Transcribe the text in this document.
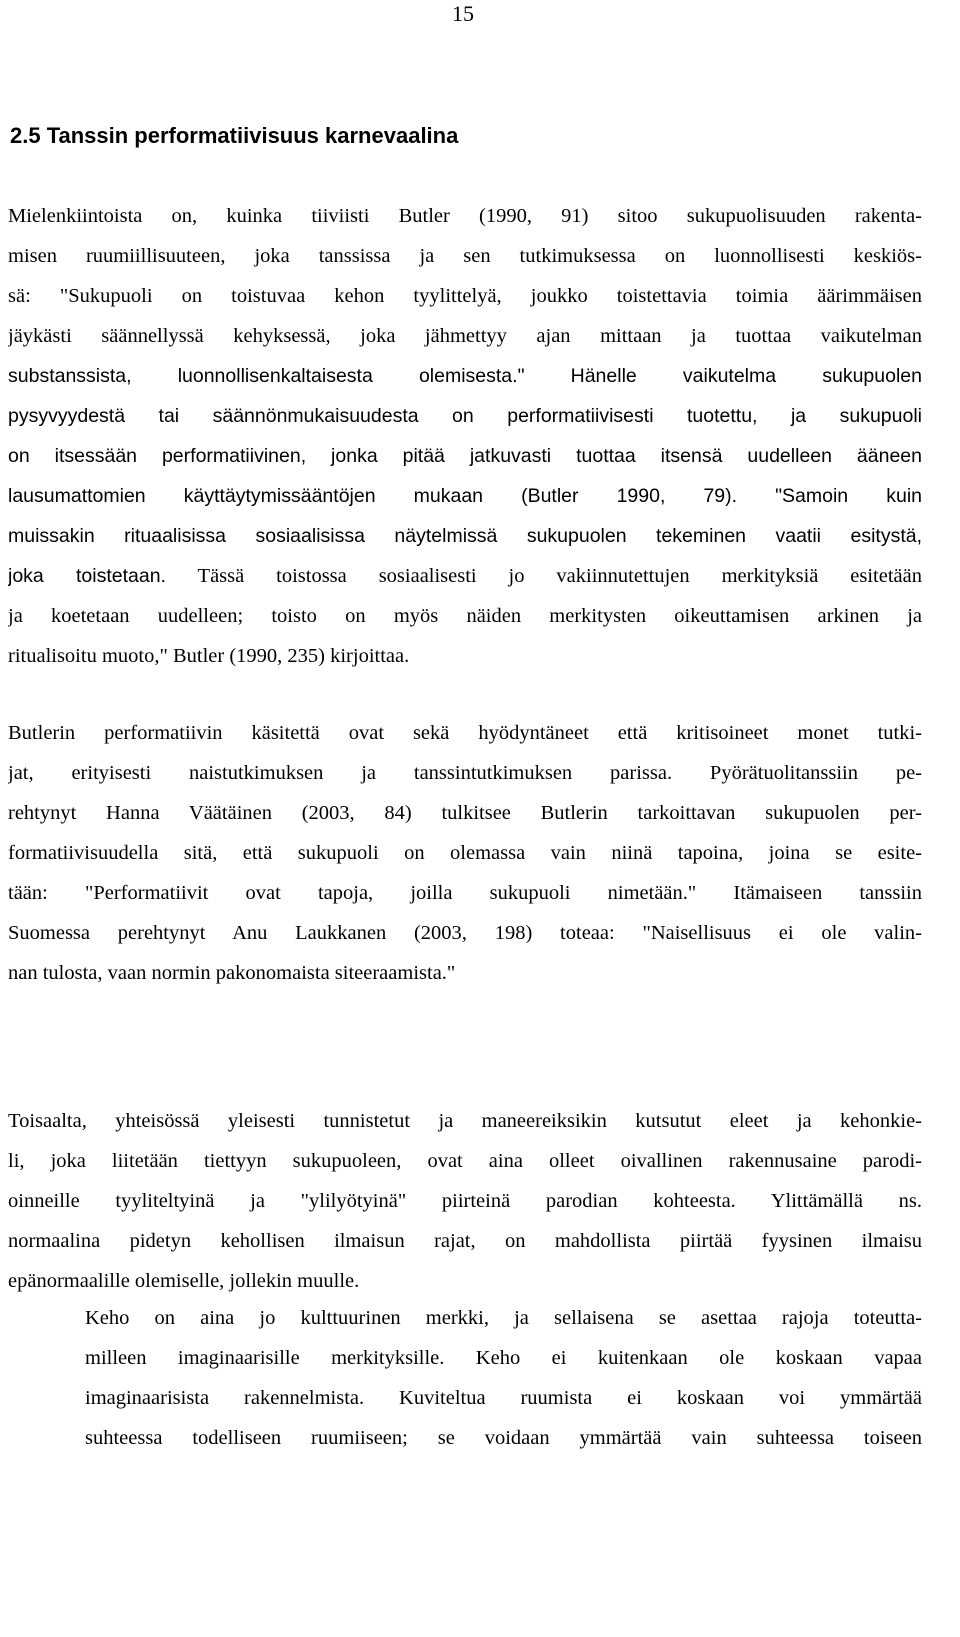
15
2.5 Tanssin performatiivisuus karnevaalina
Mielenkiintoista on, kuinka tiiviisti Butler (1990, 91) sitoo sukupuolisuuden rakenta-
misen ruumiillisuuteen, joka tanssissa ja sen tutkimuksessa on luonnollisesti keskiös-
sä: "Sukupuoli on toistuvaa kehon tyylittelyä, joukko toistettavia toimia äärimmäisen
jäykästi säännellyssä kehyksessä, joka jähmettyy ajan mittaan ja tuottaa vaikutelman
substanssista, luonnollisenkaltaisesta olemisesta." Hänelle vaikutelma sukupuolen
pysyvyydestä tai säännönmukaisuudesta on performatiivisesti tuotettu, ja sukupuoli
on itsessään performatiivinen, jonka pitää jatkuvasti tuottaa itsensä uudelleen ääneen
lausumattomien käyttäytymissääntöjen mukaan (Butler 1990, 79). "Samoin kuin
muissakin rituaalisissa sosiaalisissa näytelmissä sukupuolen tekeminen vaatii esitystä,
joka toistetaan. Tässä toistossa sosiaalisesti jo vakiinnutettujen merkityksiä esitetään
ja koetetaan uudelleen; toisto on myös näiden merkitysten oikeuttamisen arkinen ja
ritualisoitu muoto," Butler (1990, 235) kirjoittaa.
Butlerin performatiivin käsitettä ovat sekä hyödyntäneet että kritisoineet monet tutki-
jat, erityisesti naistutkimuksen ja tanssintutkimuksen parissa. Pyörätuolitanssiin pe-
rehtynyt Hanna Väätäinen (2003, 84) tulkitsee Butlerin tarkoittavan sukupuolen per-
formatiivisuudella sitä, että sukupuoli on olemassa vain niinä tapoina, joina se esite-
tään: "Performatiivit ovat tapoja, joilla sukupuoli nimetään." Itämaiseen tanssiin
Suomessa perehtynyt Anu Laukkanen (2003, 198) toteaa: "Naisellisuus ei ole valin-
nan tulosta, vaan normin pakonomaista siteeraamista."
Toisaalta, yhteisössä yleisesti tunnistetut ja maneereiksikin kutsutut eleet ja kehonkie-
li, joka liitetään tiettyyn sukupuoleen, ovat aina olleet oivallinen rakennusaine parodi-
oinneille tyyliteltyinä ja "ylilyötyinä" piirteinä parodian kohteesta. Ylittämällä ns.
normaalina pidetyn kehollisen ilmaisun rajat, on mahdollista piirtää fyysinen ilmaisu
epänormaalille olemiselle, jollekin muulle.
Keho on aina jo kulttuurinen merkki, ja sellaisena se asettaa rajoja toteutta-
milleen imaginaarisille merkityksille. Keho ei kuitenkaan ole koskaan vapaa
imaginaarisista rakennelmista. Kuviteltua ruumista ei koskaan voi ymmärtää
suhteessa todelliseen ruumiiseen; se voidaan ymmärtää vain suhteessa toiseen
